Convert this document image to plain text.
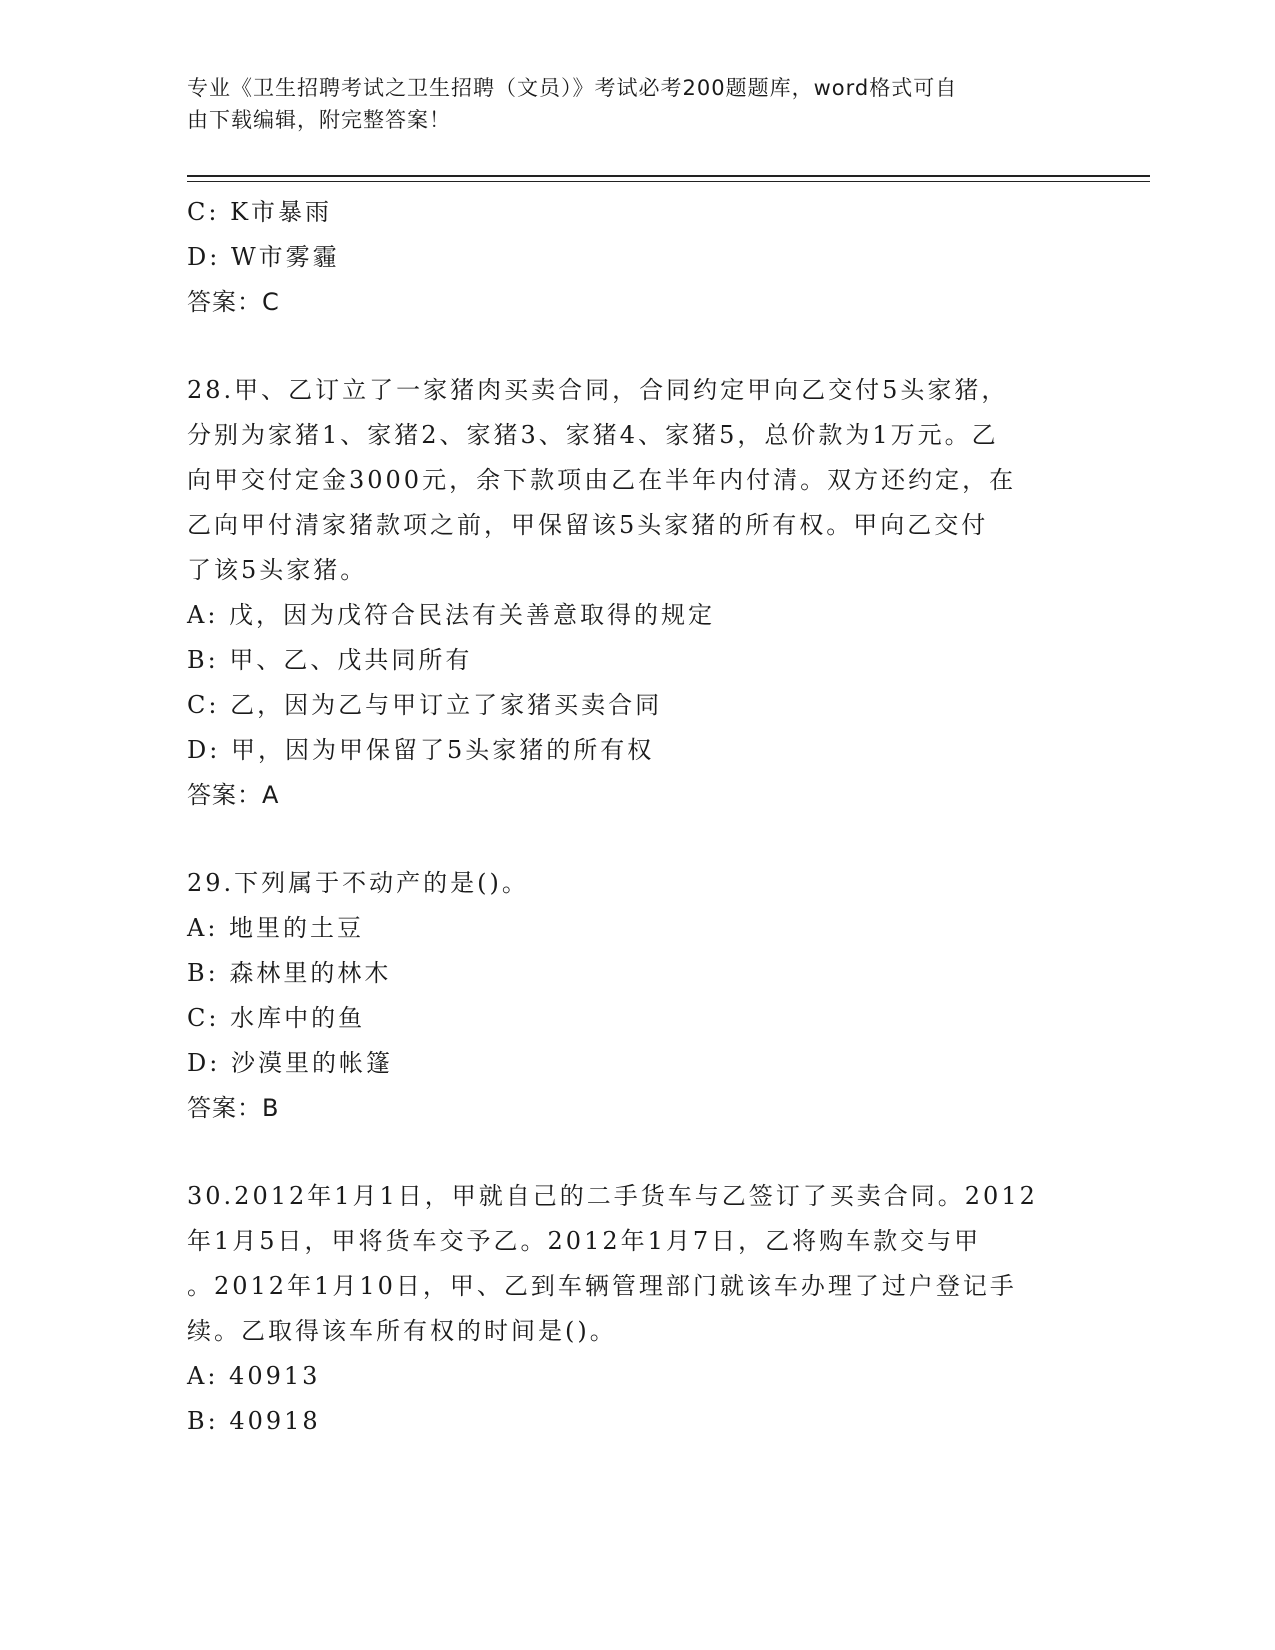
专业《卫生招聘考试之卫生招聘（文员）》考试必考200题题库，word格式可自
由下载编辑，附完整答案！
C: K市暴雨
D: W市雾霾
答案：C
28.甲、乙订立了一家猪肉买卖合同，合同约定甲向乙交付5头家猪，
分别为家猪1、家猪2、家猪3、家猪4、家猪5，总价款为1万元。乙
向甲交付定金3000元，余下款项由乙在半年内付清。双方还约定，在
乙向甲付清家猪款项之前，甲保留该5头家猪的所有权。甲向乙交付
了该5头家猪。
A: 戊，因为戊符合民法有关善意取得的规定
B: 甲、乙、戊共同所有
C: 乙，因为乙与甲订立了家猪买卖合同
D: 甲，因为甲保留了5头家猪的所有权
答案：A
29.下列属于不动产的是()。
A: 地里的土豆
B: 森林里的林木
C: 水库中的鱼
D: 沙漠里的帐篷
答案：B
30.2012年1月1日，甲就自己的二手货车与乙签订了买卖合同。2012
年1月5日，甲将货车交予乙。2012年1月7日，乙将购车款交与甲
。2012年1月10日，甲、乙到车辆管理部门就该车办理了过户登记手
续。乙取得该车所有权的时间是()。
A: 40913
B: 40918
